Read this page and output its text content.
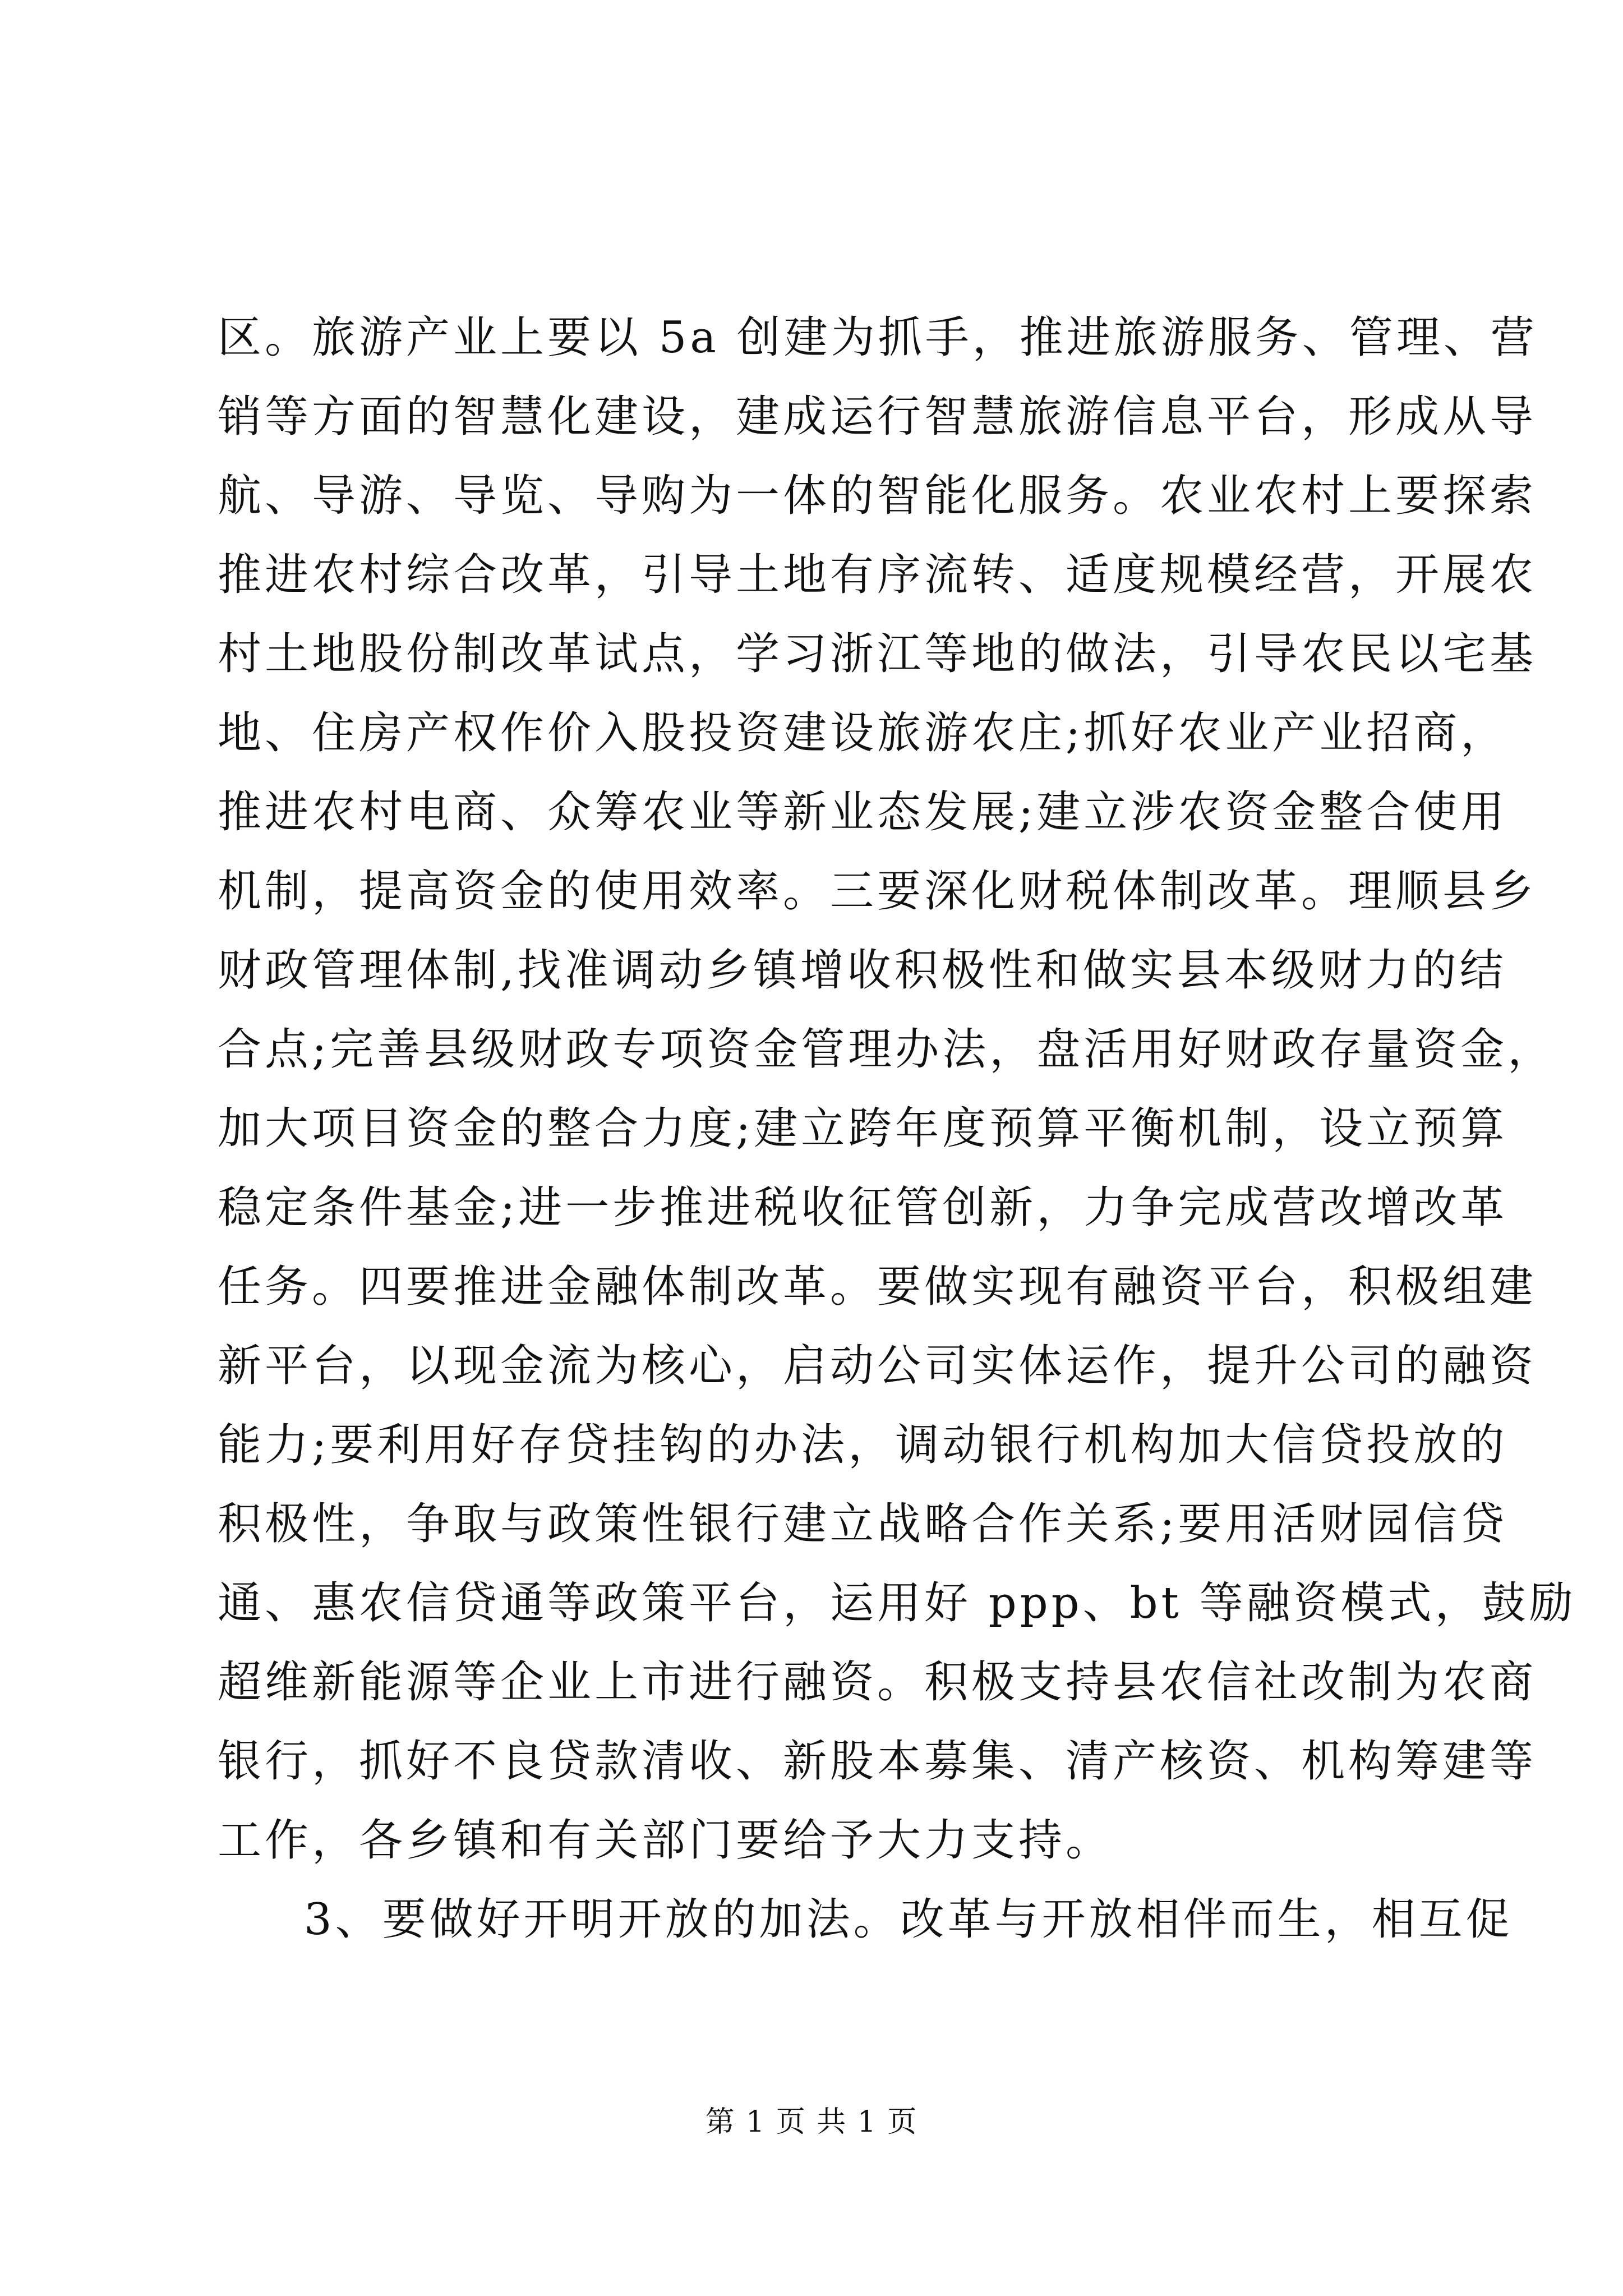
区。旅游产业上要以 5a 创建为抓手，推进旅游服务、管理、营
销等方面的智慧化建设，建成运行智慧旅游信息平台，形成从导
航、导游、导览、导购为一体的智能化服务。农业农村上要探索
推进农村综合改革，引导土地有序流转、适度规模经营，开展农
村土地股份制改革试点，学习浙江等地的做法，引导农民以宅基
地、住房产权作价入股投资建设旅游农庄;抓好农业产业招商，
推进农村电商、众筹农业等新业态发展;建立涉农资金整合使用
机制，提高资金的使用效率。三要深化财税体制改革。理顺县乡
财政管理体制,找准调动乡镇增收积极性和做实县本级财力的结
合点;完善县级财政专项资金管理办法，盘活用好财政存量资金，
加大项目资金的整合力度;建立跨年度预算平衡机制，设立预算
稳定条件基金;进一步推进税收征管创新，力争完成营改增改革
任务。四要推进金融体制改革。要做实现有融资平台，积极组建
新平台，以现金流为核心，启动公司实体运作，提升公司的融资
能力;要利用好存贷挂钩的办法，调动银行机构加大信贷投放的
积极性，争取与政策性银行建立战略合作关系;要用活财园信贷
通、惠农信贷通等政策平台，运用好 ppp、bt 等融资模式，鼓励
超维新能源等企业上市进行融资。积极支持县农信社改制为农商
银行，抓好不良贷款清收、新股本募集、清产核资、机构筹建等
工作，各乡镇和有关部门要给予大力支持。
3、要做好开明开放的加法。改革与开放相伴而生，相互促
第 1 页 共 1 页
